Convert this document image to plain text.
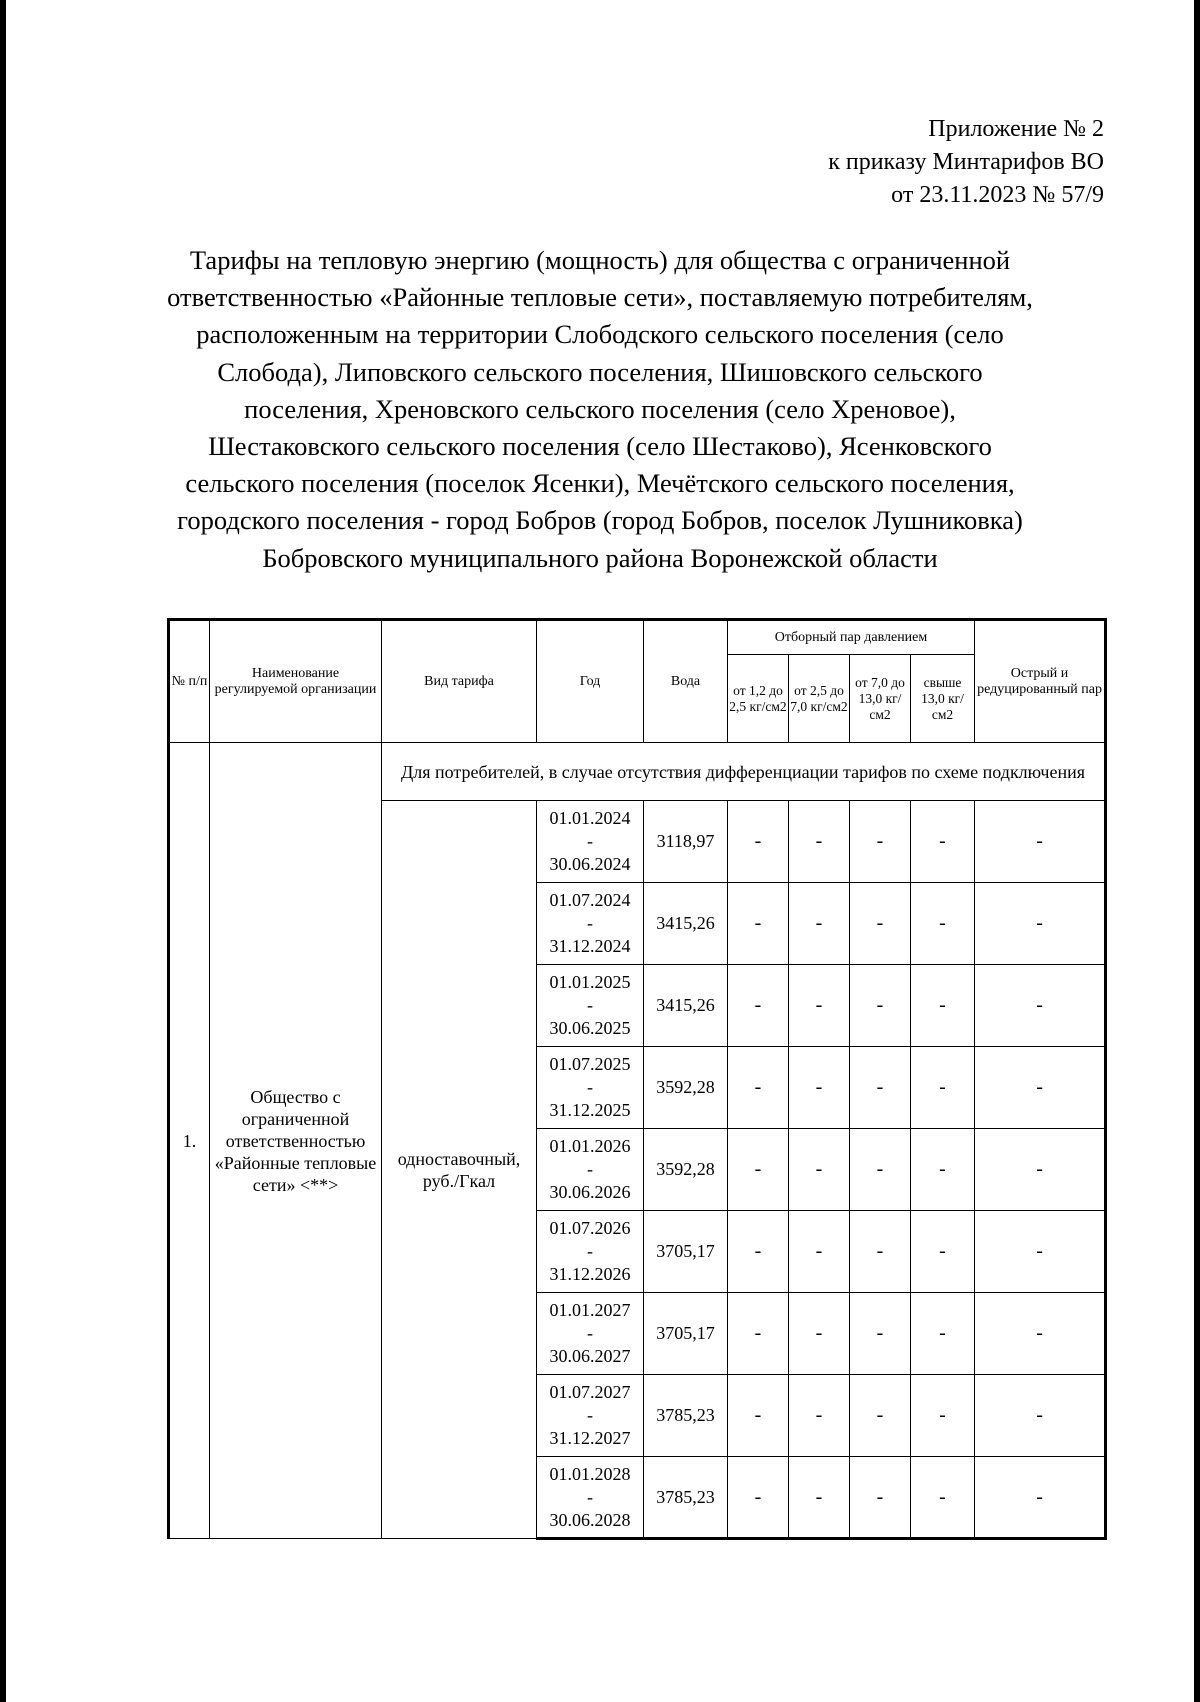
Приложение № 2
к приказу Минтарифов ВО
от 23.11.2023 № 57/9
Тарифы на тепловую энергию (мощность) для общества с ограниченной
ответственностью «Районные тепловые сети», поставляемую потребителям,
расположенным на территории Слободского сельского поселения (село
Слобода), Липовского сельского поселения, Шишовского сельского
поселения, Хреновского сельского поселения (село Хреновое),
Шестаковского сельского поселения (село Шестаково), Ясенковского
сельского поселения (поселок Ясенки), Мечётского сельского поселения,
городского поселения - город Бобров (город Бобров, поселок Лушниковка)
Бобровского муниципального района Воронежской области
№ п/п	Наименование регулируемой организации	Вид тарифа	Год	Вода	Отборный пар давлением				Острый и редуцированный пар
					от 1,2 до 2,5 кг/см2	от 2,5 до 7,0 кг/см2	от 7,0 до 13,0 кг/см2	свыше 13,0 кг/см2	
1.	Общество с ограниченной ответственностью «Районные тепловые сети» <**>	Для потребителей, в случае отсутствия дифференциации тарифов по схеме подключения							
		одноставочный, руб./Гкал	01.01.2024
-
30.06.2024	3118,97	-	-	-	-	-

			01.07.2024
-
31.12.2024	3415,26	-	-	-	-	-

			01.01.2025
-
30.06.2025	3415,26	-	-	-	-	-

			01.07.2025
-
31.12.2025	3592,28	-	-	-	-	-

			01.01.2026
-
30.06.2026	3592,28	-	-	-	-	-

			01.07.2026
-
31.12.2026	3705,17	-	-	-	-	-

			01.01.2027
-
30.06.2027	3705,17	-	-	-	-	-

			01.07.2027
-
31.12.2027	3785,23	-	-	-	-	-

			01.01.2028
-
30.06.2028	3785,23	-	-	-	-	-
